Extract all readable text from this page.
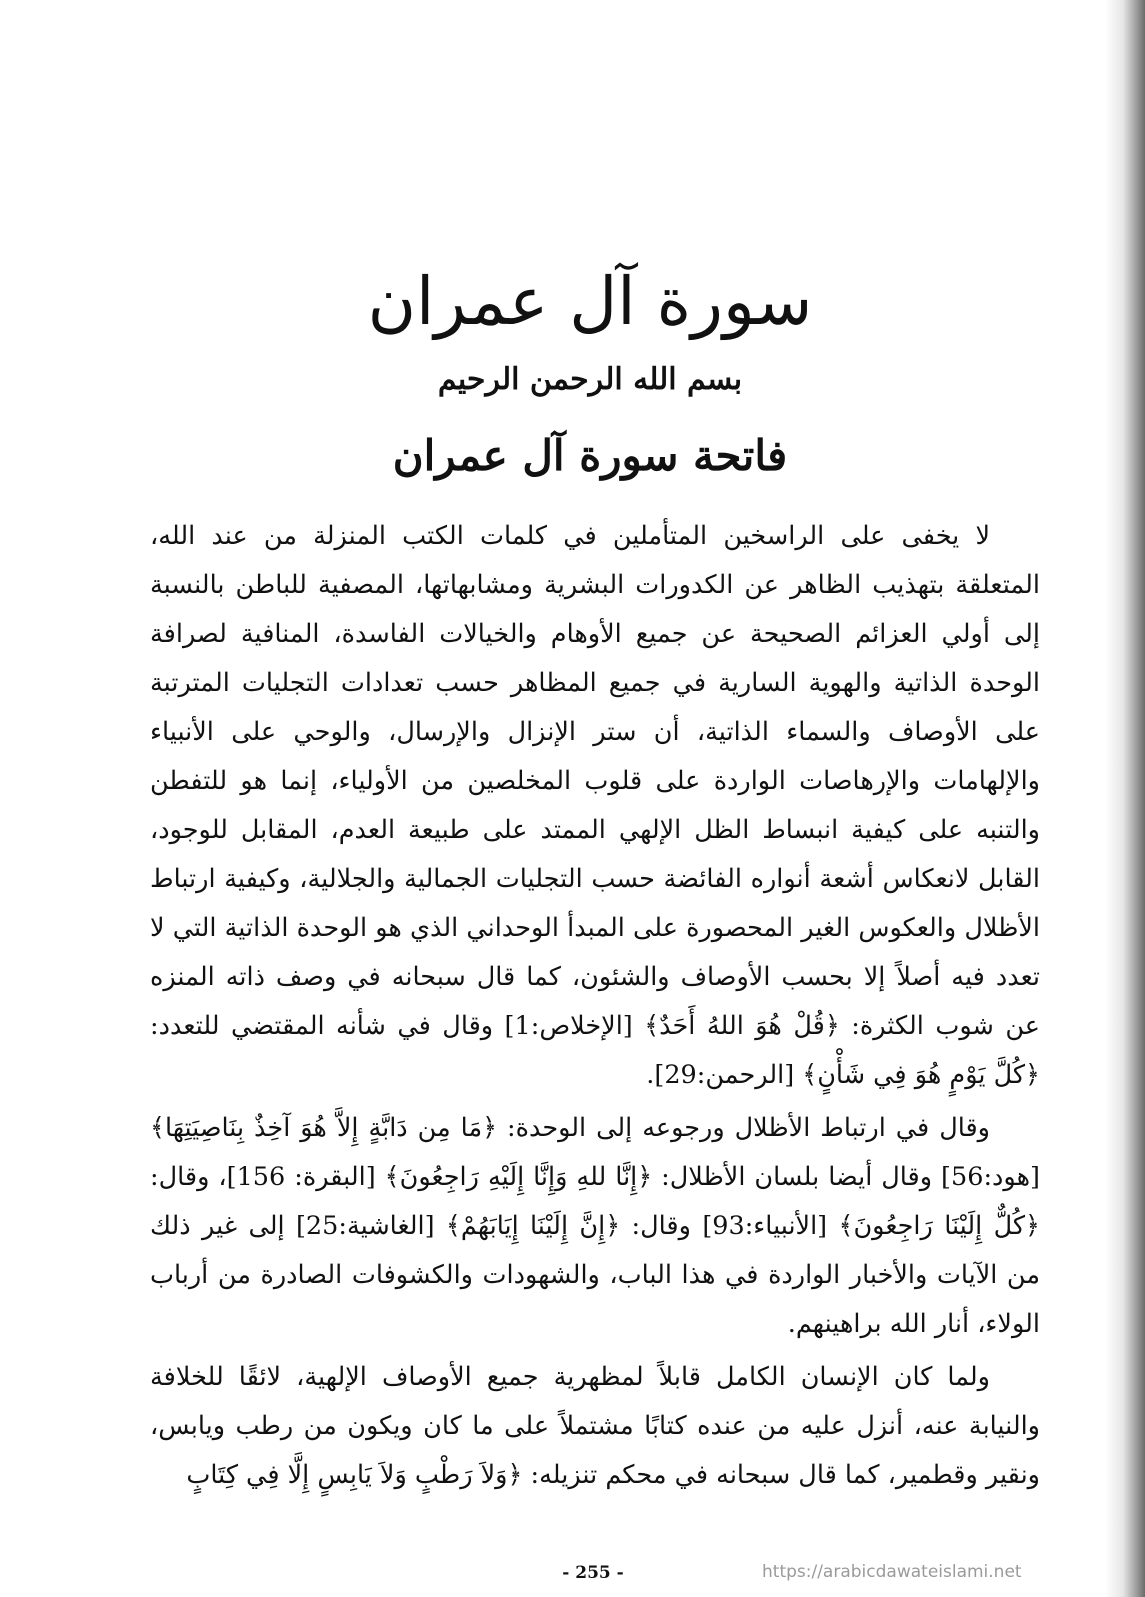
سورة آل عمران
بسم الله الرحمن الرحيم
فاتحة سورة آل عمران

لا يخفى على الراسخين المتأملين في كلمات الكتب المنزلة من عند الله، المتعلقة بتهذيب الظاهر عن الكدورات البشرية ومشابهاتها، المصفية للباطن بالنسبة إلى أولي العزائم الصحيحة عن جميع الأوهام والخيالات الفاسدة، المنافية لصرافة الوحدة الذاتية والهوية السارية في جميع المظاهر حسب تعدادات التجليات المترتبة على الأوصاف والسماء الذاتية، أن ستر الإنزال والإرسال، والوحي على الأنبياء والإلهامات والإرهاصات الواردة على قلوب المخلصين من الأولياء، إنما هو للتفطن والتنبه على كيفية انبساط الظل الإلهي الممتد على طبيعة العدم، المقابل للوجود، القابل لانعكاس أشعة أنواره الفائضة حسب التجليات الجمالية والجلالية، وكيفية ارتباط الأظلال والعكوس الغير المحصورة على المبدأ الوحداني الذي هو الوحدة الذاتية التي لا تعدد فيه أصلاً إلا بحسب الأوصاف والشئون، كما قال سبحانه في وصف ذاته المنزه عن شوب الكثرة: ﴿قُلْ هُوَ اللهُ أَحَدٌ﴾ [الإخلاص:1] وقال في شأنه المقتضي للتعدد: ﴿كُلَّ يَوْمٍ هُوَ فِي شَأْنٍ﴾ [الرحمن:29].

وقال في ارتباط الأظلال ورجوعه إلى الوحدة: ﴿مَا مِن دَابَّةٍ إِلاَّ هُوَ آخِذٌ بِنَاصِيَتِهَا﴾ [هود:56] وقال أيضا بلسان الأظلال: ﴿إِنَّا للهِ وَإِنَّا إِلَيْهِ رَاجِعُونَ﴾ [البقرة: 156]، وقال: ﴿كُلٌّ إِلَيْنَا رَاجِعُونَ﴾ [الأنبياء:93] وقال: ﴿إِنَّ إِلَيْنَا إِيَابَهُمْ﴾ [الغاشية:25] إلى غير ذلك من الآيات والأخبار الواردة في هذا الباب، والشهودات والكشوفات الصادرة من أرباب الولاء، أنار الله براهينهم.

ولما كان الإنسان الكامل قابلاً لمظهرية جميع الأوصاف الإلهية، لائقًا للخلافة والنيابة عنه، أنزل عليه من عنده كتابًا مشتملاً على ما كان ويكون من رطب ويابس، ونقير وقطمير، كما قال سبحانه في محكم تنزيله: ﴿وَلاَ رَطْبٍ وَلاَ يَابِسٍ إِلَّا فِي كِتَابٍ

- 255 -	https://arabicdawateislami.net
